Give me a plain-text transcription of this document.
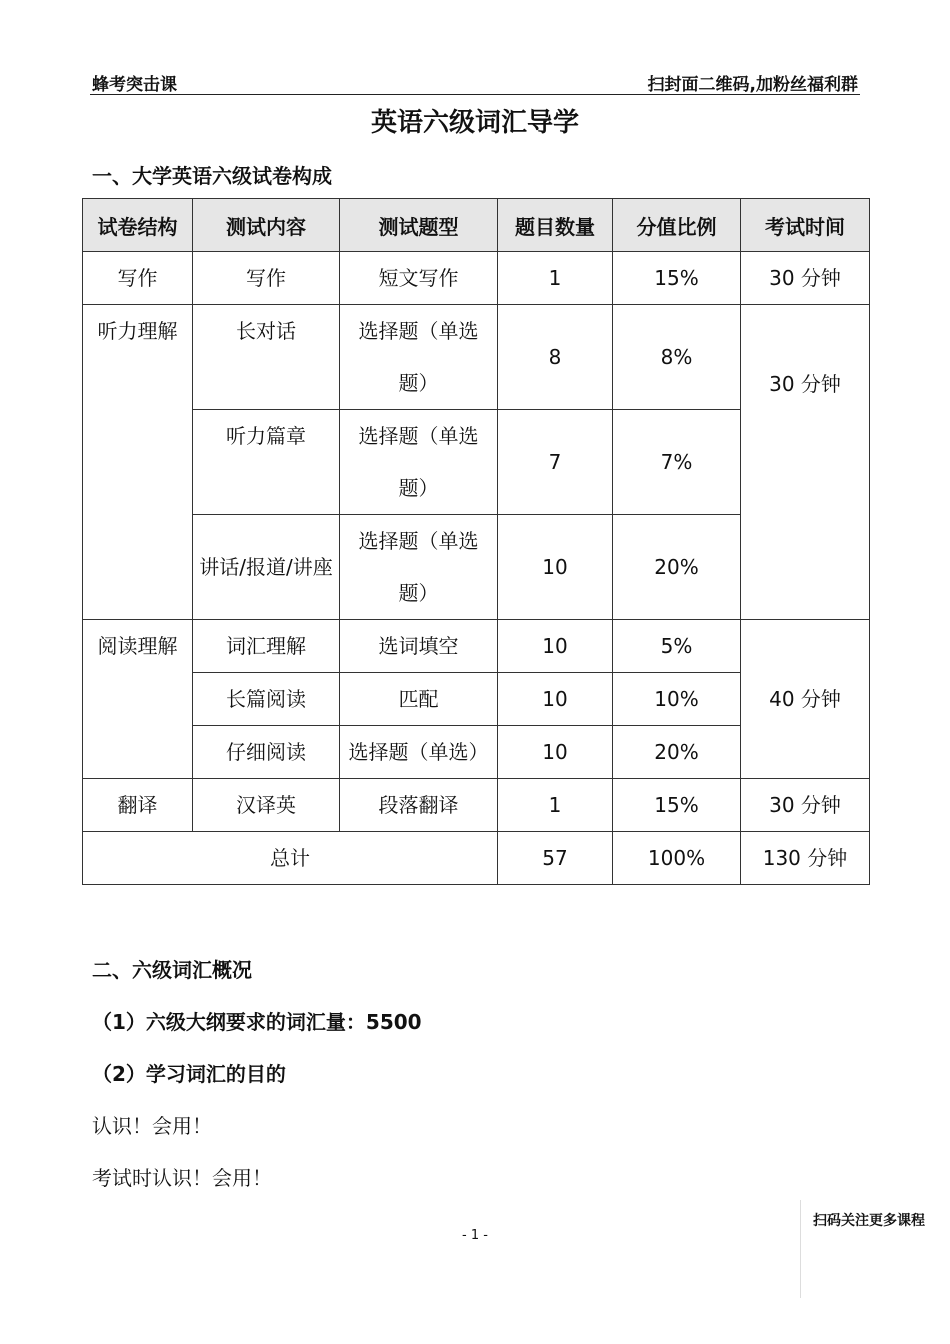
蜂考突击课	扫封面二维码,加粉丝福利群
英语六级词汇导学
一、大学英语六级试卷构成
试卷结构	测试内容	测试题型	题目数量	分值比例	考试时间
写作	写作	短文写作	1	15%	30 分钟
听力理解	长对话	选择题（单选题）	8	8%	30 分钟
	听力篇章	选择题（单选题）	7	7%	
	讲话/报道/讲座	选择题（单选题）	10	20%	
阅读理解	词汇理解	选词填空	10	5%	40 分钟
	长篇阅读	匹配	10	10%	
	仔细阅读	选择题（单选）	10	20%	
翻译	汉译英	段落翻译	1	15%	30 分钟
总计			57	100%	130 分钟
二、六级词汇概况
（1）六级大纲要求的词汇量：5500
（2）学习词汇的目的
认识！会用！
考试时认识！会用！
- 1 -
扫码关注更多课程
